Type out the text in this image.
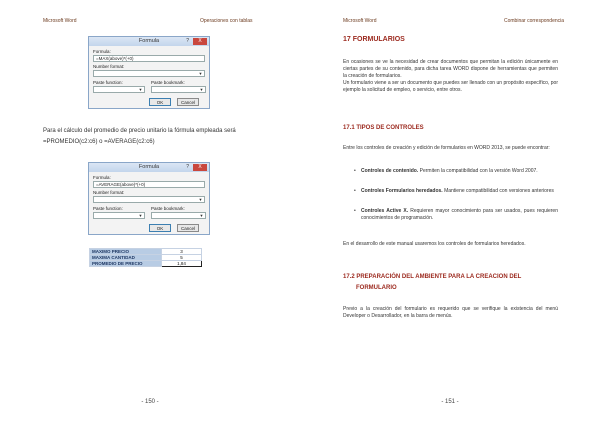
Microsoft Word	Operaciones con tablas
Formula	?	X
Formula:
=MAX(above)*(+0)
Number format:
▼
Paste function:	Paste bookmark:
▼	▼
OK	Cancel
Para el cálculo del promedio de precio unitario la fórmula empleada será
=PROMEDIO(c2:c6) o =AVERAGE(c2:c6)
Formula	?	X
Formula:
=AVERAGE(above)*(+0)
Number format:
▼
Paste function:	Paste bookmark:
▼	▼
OK	Cancel
MAXIMO PRECIO	3	
MAXIMA CANTIDAD	5	
PROMEDIO DE PRECIO	1,84	
- 150 -
Microsoft Word	Combinar correspondencia
17 FORMULARIOS
En ocasiones se ve la necesidad de crear documentos que permitan la edición únicamente en ciertas partes de su contenido, para dicha tarea WORD dispone de herramientas que permiten la creación de formularios.
Un formulario viene a ser un documento que puedes ser llenado con un propósito específico, por ejemplo la solicitud de empleo, o servicio, entre otros.
17.1 TIPOS DE CONTROLES
Entre los controles de creación y edición de formularios en WORD 2013, se puede encontrar:
• Controles de contenido. Permiten la compatibilidad con la versión Word 2007.
• Controles Formularios heredados. Mantiene compatibilidad con versiones anteriores
• Controles Active X. Requieren mayor conocimiento para ser usados, pues requieren conocimientos de programación.
En el desarrollo de este manual usaremos los controles de formularios heredados.
17.2 PREPARACIÓN DEL AMBIENTE PARA LA CREACION DEL
FORMULARIO
Previo a la creación del formulario es requerido que se verifique la existencia del menú Developer o Desarrollador, en la barra de menús.
- 151 -
